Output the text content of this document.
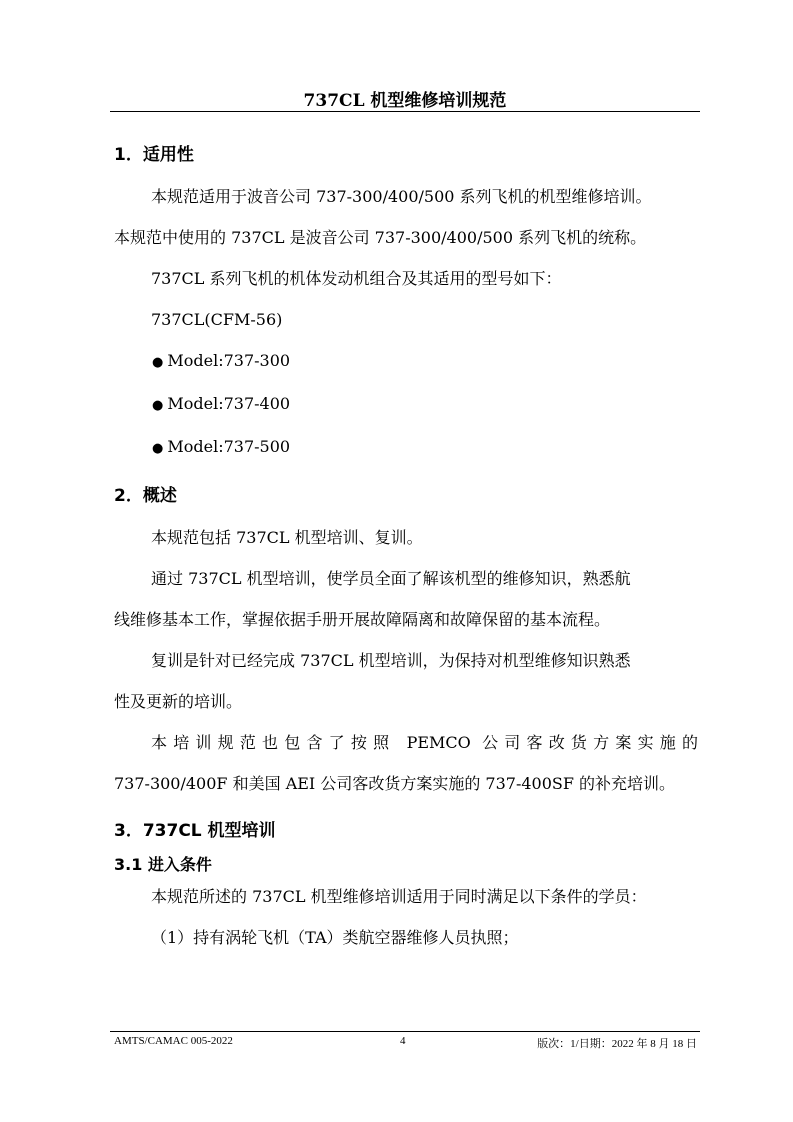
737CL 机型维修培训规范
1．适用性
本规范适用于波音公司 737-300/400/500 系列飞机的机型维修培训。
本规范中使用的 737CL 是波音公司 737-300/400/500 系列飞机的统称。
737CL 系列飞机的机体发动机组合及其适用的型号如下：
737CL(CFM-56)
● Model:737-300
● Model:737-400
● Model:737-500
2．概述
本规范包括 737CL 机型培训、复训。
通过 737CL 机型培训，使学员全面了解该机型的维修知识，熟悉航
线维修基本工作，掌握依据手册开展故障隔离和故障保留的基本流程。
复训是针对已经完成 737CL 机型培训，为保持对机型维修知识熟悉
性及更新的培训。
本培训规范也包含了按照 PEMCO 公司客改货方案实施的
737-300/400F 和美国 AEI 公司客改货方案实施的 737-400SF 的补充培训。
3．737CL 机型培训
3.1 进入条件
本规范所述的 737CL 机型维修培训适用于同时满足以下条件的学员：
（1）持有涡轮飞机（TA）类航空器维修人员执照；
AMTS/CAMAC 005-2022	4	版次：1/日期：2022 年 8 月 18 日
